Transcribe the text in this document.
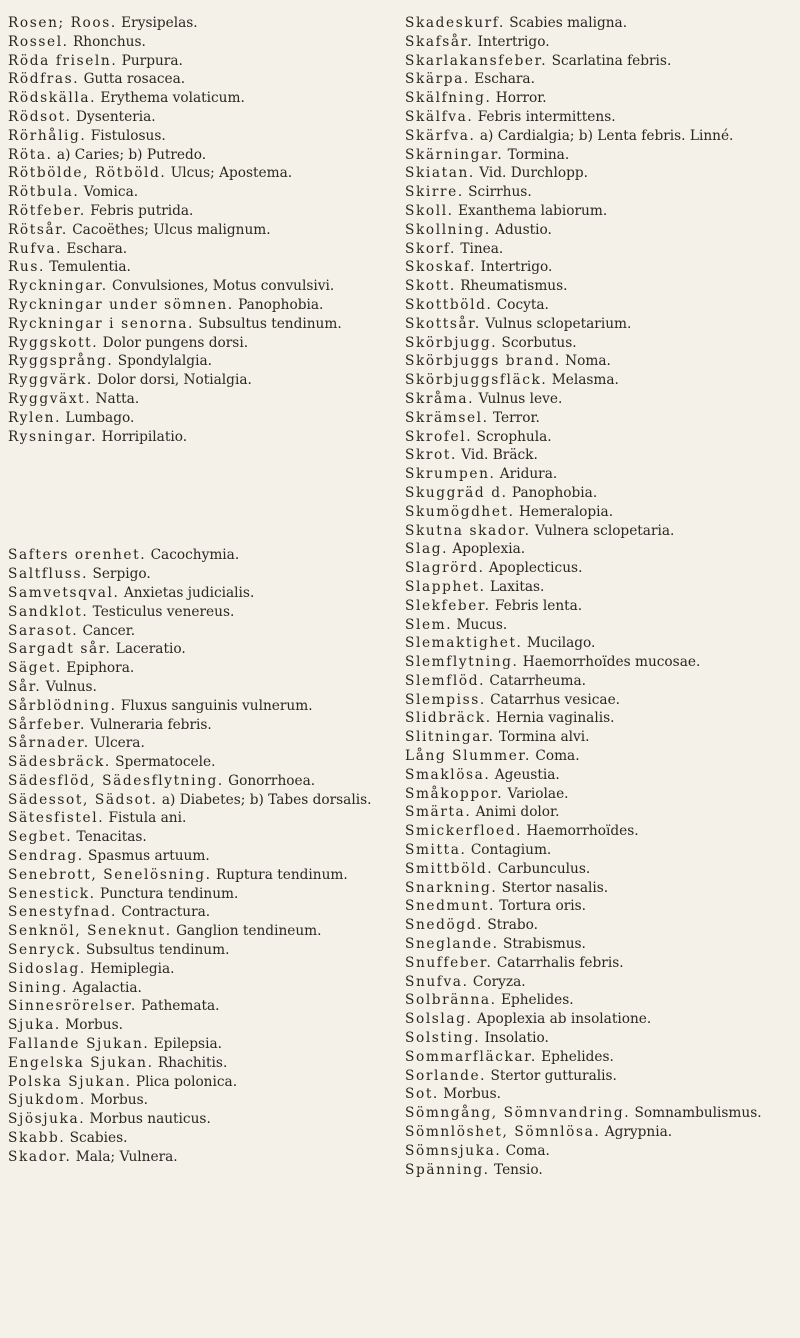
Rosen; Roos. Erysipelas.
Rossel. Rhonchus.
Röda friseln. Purpura.
Rödfras. Gutta rosacea.
Rödskälla. Erythema volaticum.
Rödsot. Dysenteria.
Rörhålig. Fistulosus.
Röta. a) Caries; b) Putredo.
Rötbölde, Rötböld. Ulcus; Apostema.
Rötbula. Vomica.
Rötfeber. Febris putrida.
Rötsår. Cacoëthes; Ulcus malignum.
Rufva. Eschara.
Rus. Temulentia.
Ryckningar. Convulsiones, Motus convulsivi.
Ryckningar under sömnen. Panophobia.
Ryckningar i senorna. Subsultus tendinum.
Ryggskott. Dolor pungens dorsi.
Ryggsprång. Spondylalgia.
Ryggvärk. Dolor dorsi, Notialgia.
Ryggväxt. Natta.
Rylen. Lumbago.
Rysningar. Horripilatio.
Safters orenhet. Cacochymia.
Saltfluss. Serpigo.
Samvetsqval. Anxietas judicialis.
Sandklot. Testiculus venereus.
Sarasot. Cancer.
Sargadt sår. Laceratio.
Säget. Epiphora.
Sår. Vulnus.
Sårblödning. Fluxus sanguinis vulnerum.
Sårfeber. Vulneraria febris.
Sårnader. Ulcera.
Sädesbräck. Spermatocele.
Sädesflöd, Sädesflytning. Gonorrhoea.
Sädessot, Sädsot. a) Diabetes; b) Tabes dorsalis.
Sätesfistel. Fistula ani.
Segbet. Tenacitas.
Sendrag. Spasmus artuum.
Senebrott, Senelösning. Ruptura tendinum.
Senestick. Punctura tendinum.
Senestyfnad. Contractura.
Senknöl, Seneknut. Ganglion tendineum.
Senryck. Subsultus tendinum.
Sidoslag. Hemiplegia.
Sining. Agalactia.
Sinnesrörelser. Pathemata.
Sjuka. Morbus.
Fallande Sjukan. Epilepsia.
Engelska Sjukan. Rhachitis.
Polska Sjukan. Plica polonica.
Sjukdom. Morbus.
Sjösjuka. Morbus nauticus.
Skabb. Scabies.
Skador. Mala; Vulnera.
Skadeskurf. Scabies maligna.
Skafsår. Intertrigo.
Skarlakansfeber. Scarlatina febris.
Skärpa. Eschara.
Skälfning. Horror.
Skälfva. Febris intermittens.
Skärfva. a) Cardialgia; b) Lenta febris. Linné.
Skärningar. Tormina.
Skiatan. Vid. Durchlopp.
Skirre. Scirrhus.
Skoll. Exanthema labiorum.
Skollning. Adustio.
Skorf. Tinea.
Skoskaf. Intertrigo.
Skott. Rheumatismus.
Skottböld. Cocyta.
Skottsår. Vulnus sclopetarium.
Skörbjugg. Scorbutus.
Skörbjuggs brand. Noma.
Skörbjuggsfläck. Melasma.
Skråma. Vulnus leve.
Skrämsel. Terror.
Skrofel. Scrophula.
Skrot. Vid. Bräck.
Skrumpen. Aridura.
Skuggräd d. Panophobia.
Skumögdhet. Hemeralopia.
Skutna skador. Vulnera sclopetaria.
Slag. Apoplexia.
Slagrörd. Apoplecticus.
Slapphet. Laxitas.
Slekfeber. Febris lenta.
Slem. Mucus.
Slemaktighet. Mucilago.
Slemflytning. Haemorrhoïdes mucosae.
Slemflöd. Catarrheuma.
Slempiss. Catarrhus vesicae.
Slidbräck. Hernia vaginalis.
Slitningar. Tormina alvi.
Lång Slummer. Coma.
Smaklösa. Ageustia.
Småkoppor. Variolae.
Smärta. Animi dolor.
Smickerfloed. Haemorrhoïdes.
Smitta. Contagium.
Smittböld. Carbunculus.
Snarkning. Stertor nasalis.
Snedmunt. Tortura oris.
Snedögd. Strabo.
Sneglande. Strabismus.
Snuffeber. Catarrhalis febris.
Snufva. Coryza.
Solbränna. Ephelides.
Solslag. Apoplexia ab insolatione.
Solsting. Insolatio.
Sommarfläckar. Ephelides.
Sorlande. Stertor gutturalis.
Sot. Morbus.
Sömngång, Sömnvandring. Somnambulismus.
Sömnlöshet, Sömnlösa. Agrypnia.
Sömnsjuka. Coma.
Spänning. Tensio.
